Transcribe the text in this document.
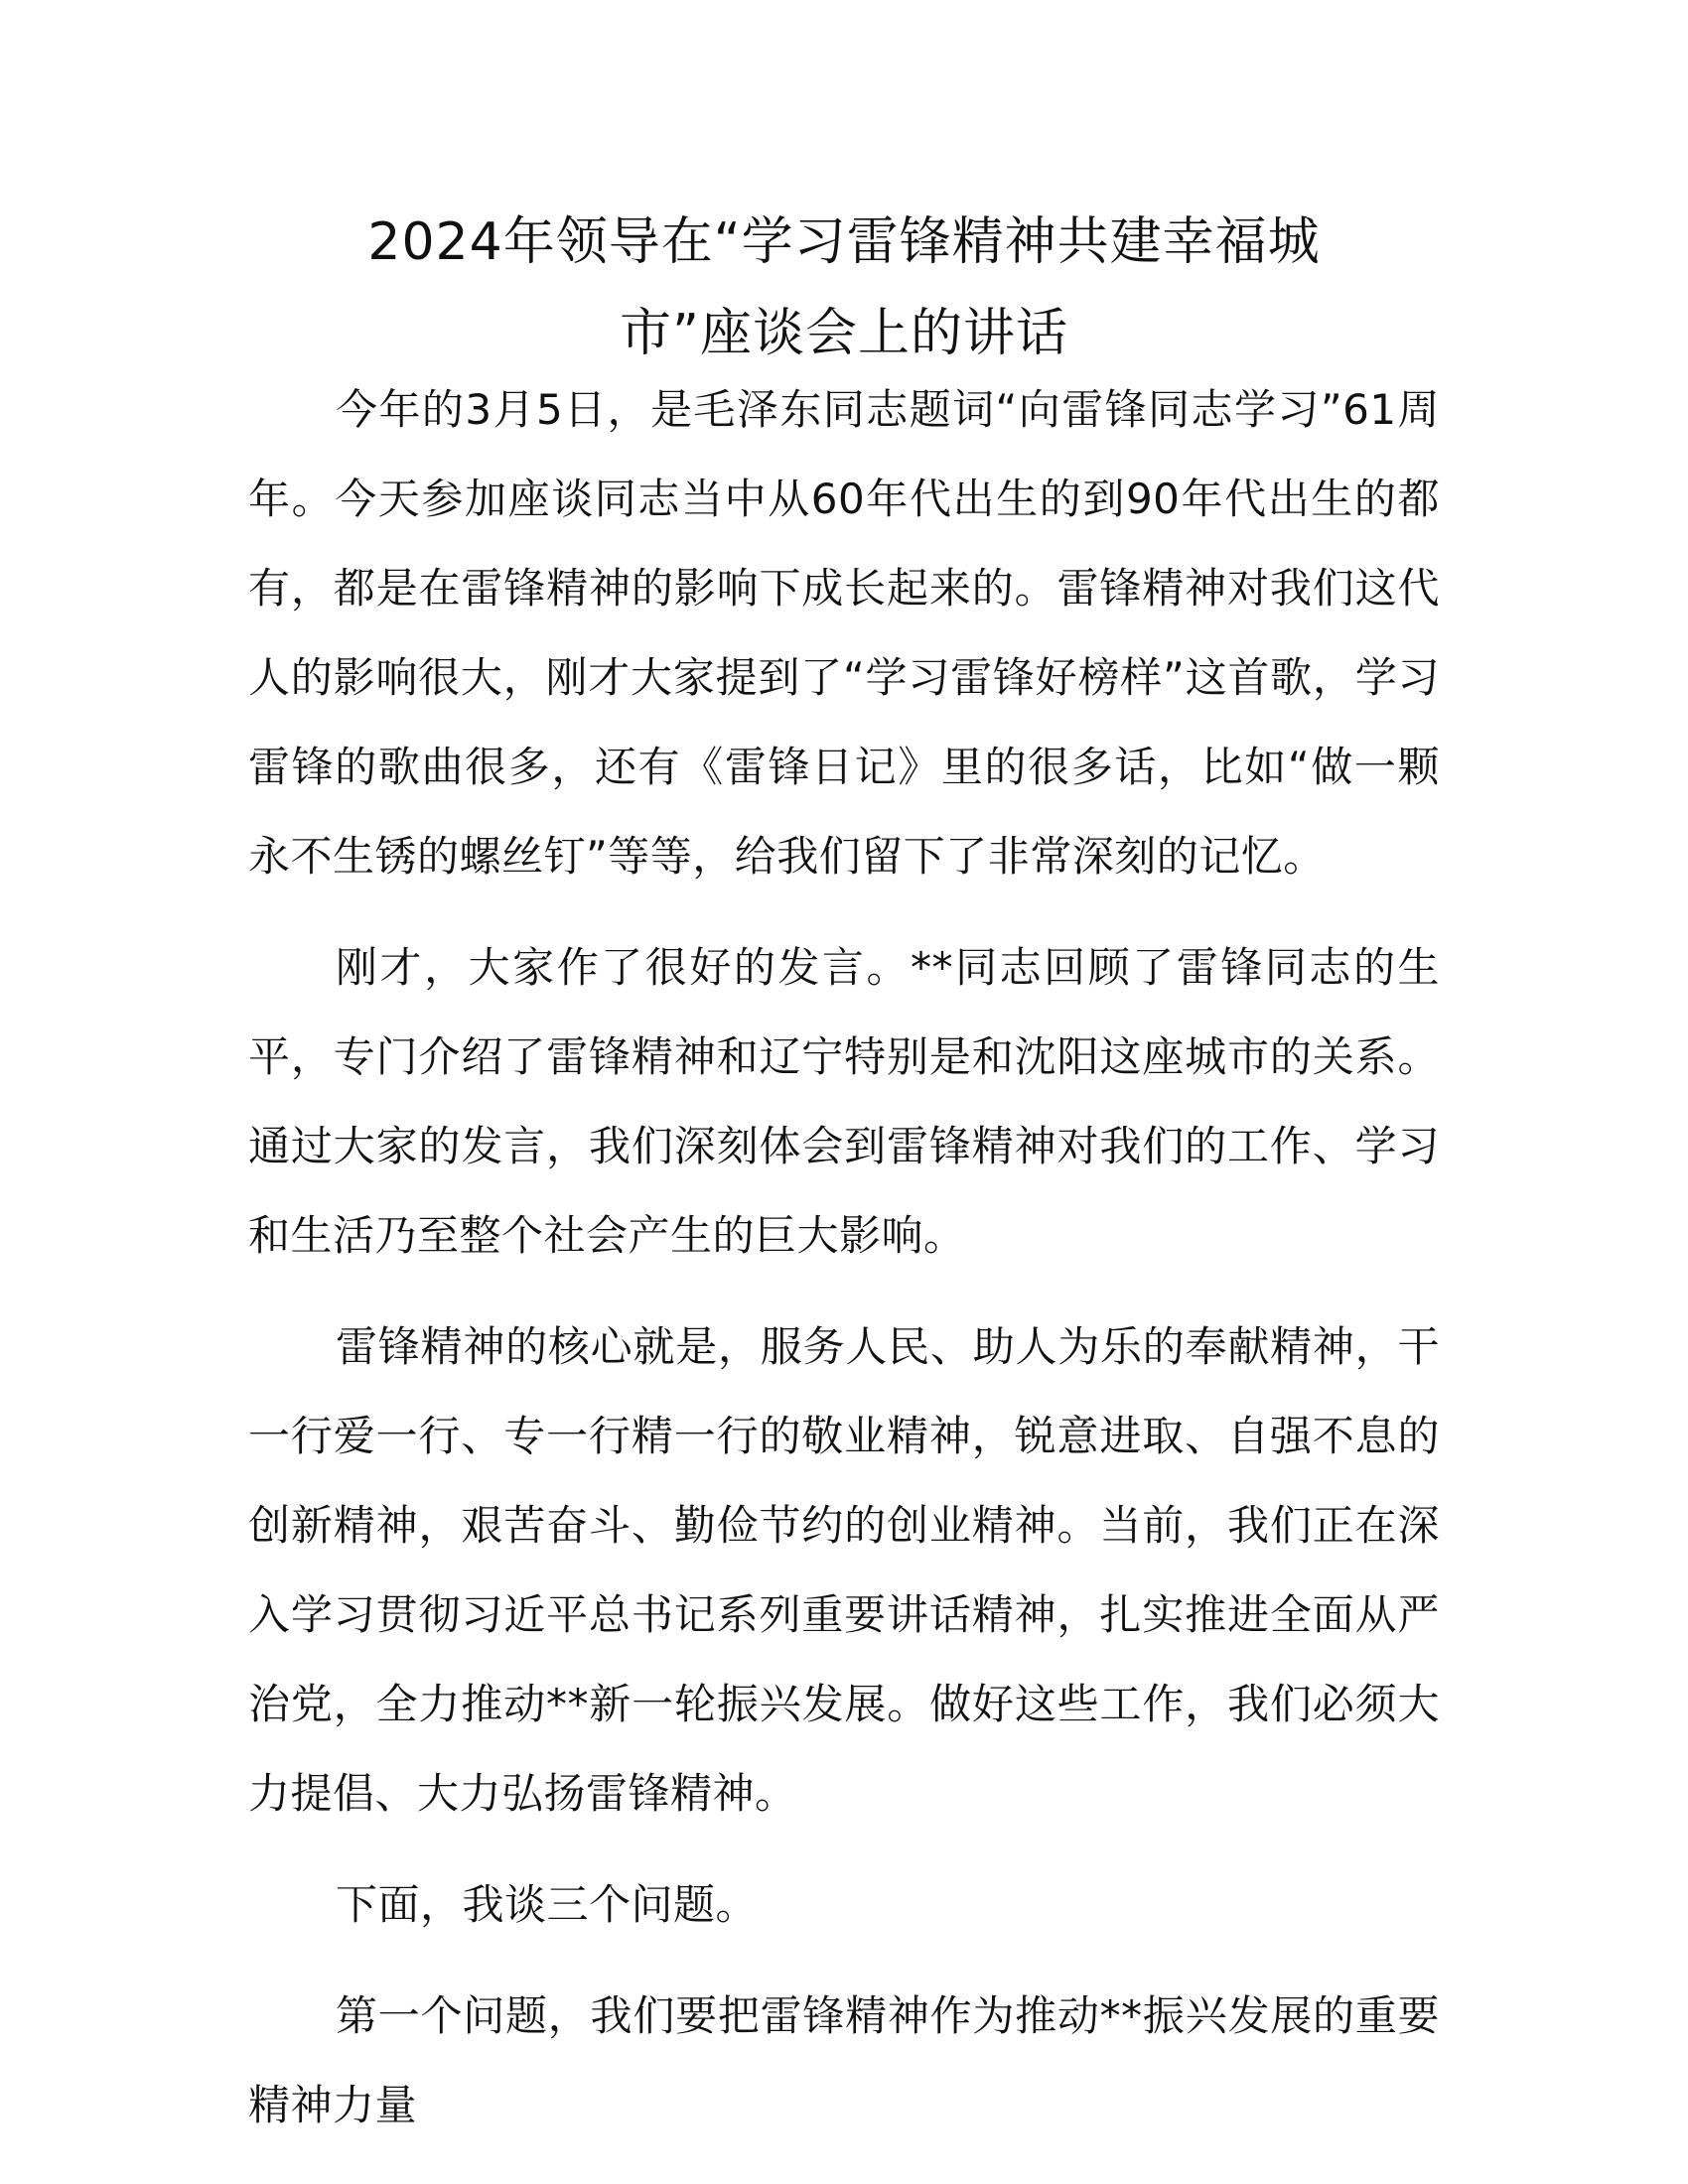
2024年领导在“学习雷锋精神共建幸福城
市”座谈会上的讲话

今年的3月5日，是毛泽东同志题词“向雷锋同志学习”61周年。今天参加座谈同志当中从60年代出生的到90年代出生的都有，都是在雷锋精神的影响下成长起来的。雷锋精神对我们这代人的影响很大，刚才大家提到了“学习雷锋好榜样”这首歌，学习雷锋的歌曲很多，还有《雷锋日记》里的很多话，比如“做一颗永不生锈的螺丝钉”等等，给我们留下了非常深刻的记忆。

刚才，大家作了很好的发言。**同志回顾了雷锋同志的生平，专门介绍了雷锋精神和辽宁特别是和沈阳这座城市的关系。通过大家的发言，我们深刻体会到雷锋精神对我们的工作、学习和生活乃至整个社会产生的巨大影响。

雷锋精神的核心就是，服务人民、助人为乐的奉献精神，干一行爱一行、专一行精一行的敬业精神，锐意进取、自强不息的创新精神，艰苦奋斗、勤俭节约的创业精神。当前，我们正在深入学习贯彻习近平总书记系列重要讲话精神，扎实推进全面从严治党，全力推动**新一轮振兴发展。做好这些工作，我们必须大力提倡、大力弘扬雷锋精神。

下面，我谈三个问题。

第一个问题，我们要把雷锋精神作为推动**振兴发展的重要精神力量
